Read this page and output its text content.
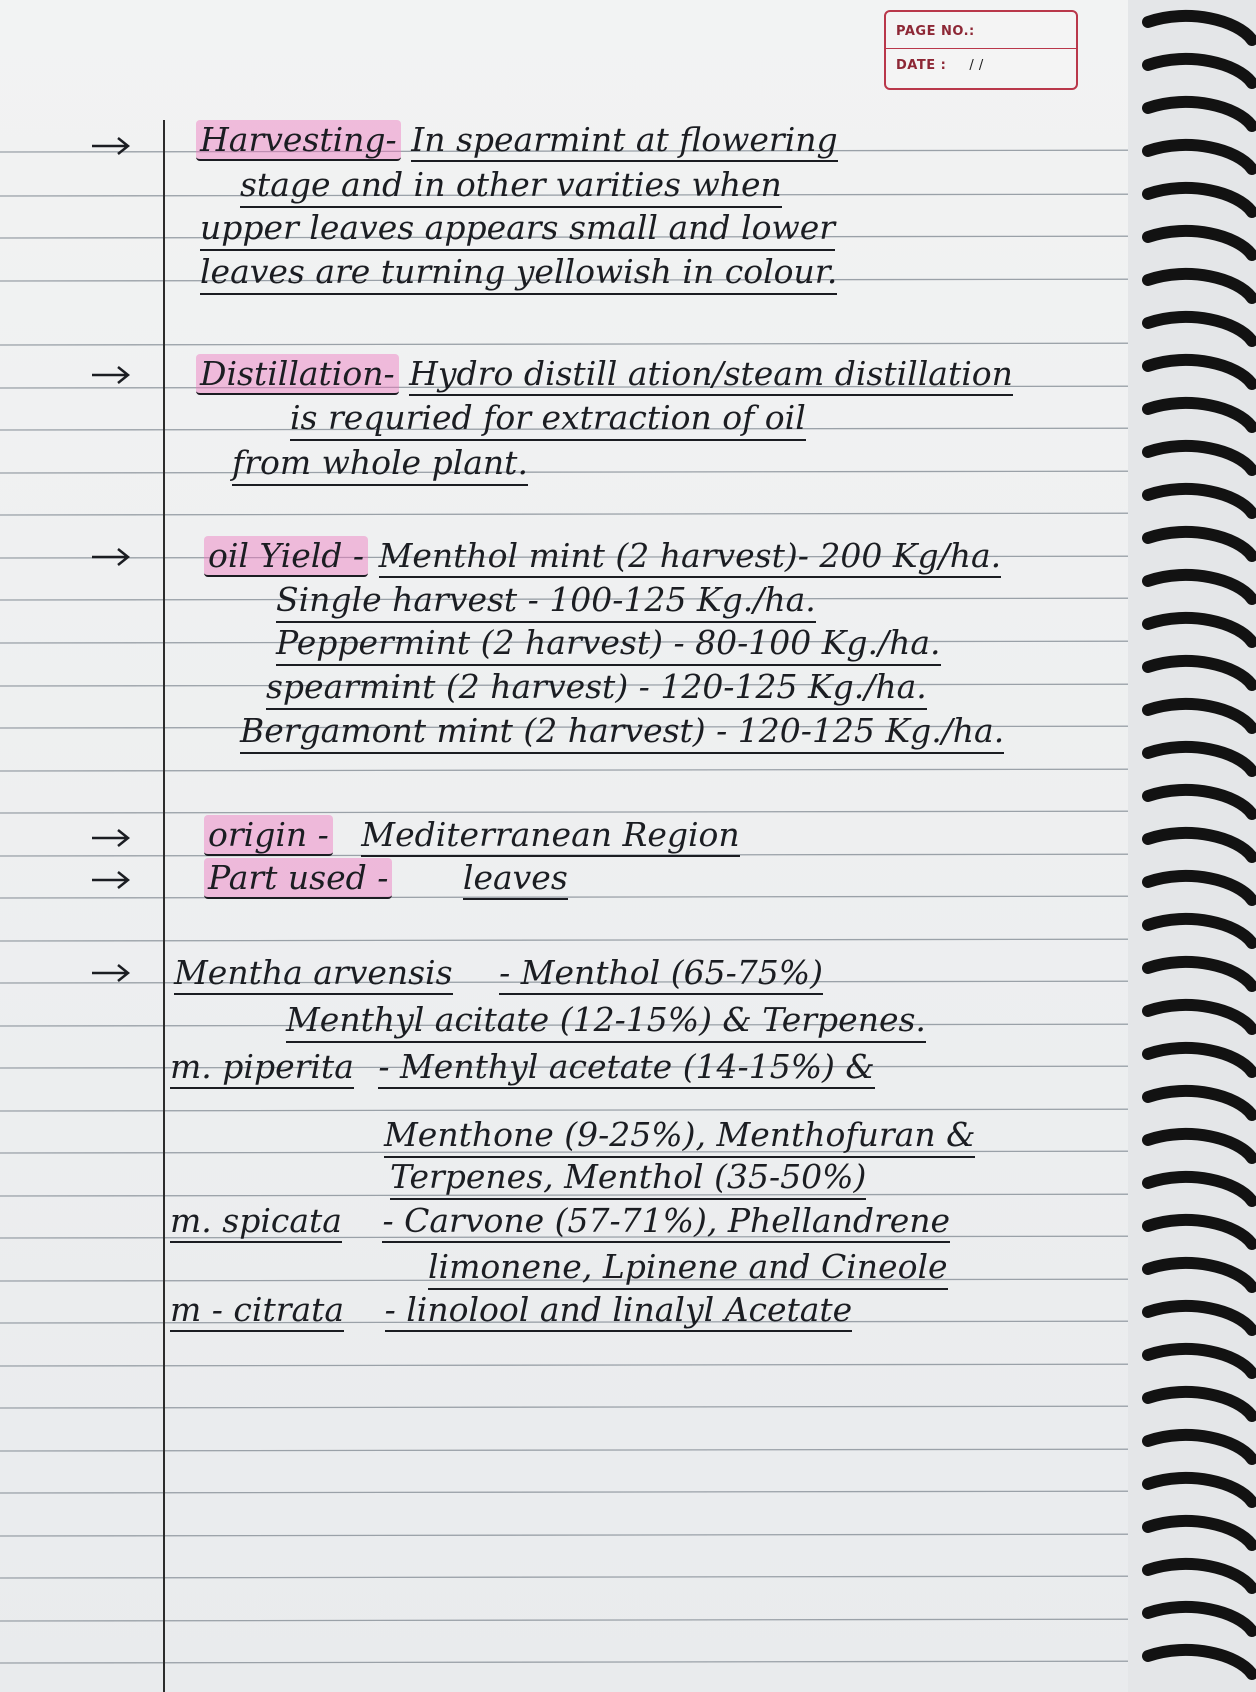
PAGE NO.:
DATE : / /
Harvesting- In spearmint at flowering
stage and in other varities when
upper leaves appears small and lower
leaves are turning yellowish in colour.
Distillation- Hydro distill ation/steam distillation
is requried for extraction of oil
from whole plant.
oil Yield - Menthol mint (2 harvest)- 200 Kg/ha.
Single harvest - 100-125 Kg./ha.
Peppermint (2 harvest) - 80-100 Kg./ha.
spearmint (2 harvest) - 120-125 Kg./ha.
Bergamont mint (2 harvest) - 120-125 Kg./ha.
origin - Mediterranean Region
Part used - leaves
Mentha arvensis - Menthol (65-75%)
Menthyl acitate (12-15%) & Terpenes.
m. piperita - Menthyl acetate (14-15%) &
Menthone (9-25%), Menthofuran &
Terpenes, Menthol (35-50%)
m. spicata - Carvone (57-71%), Phellandrene
limonene, Lpinene and Cineole
m - citrata - linolool and linalyl Acetate
